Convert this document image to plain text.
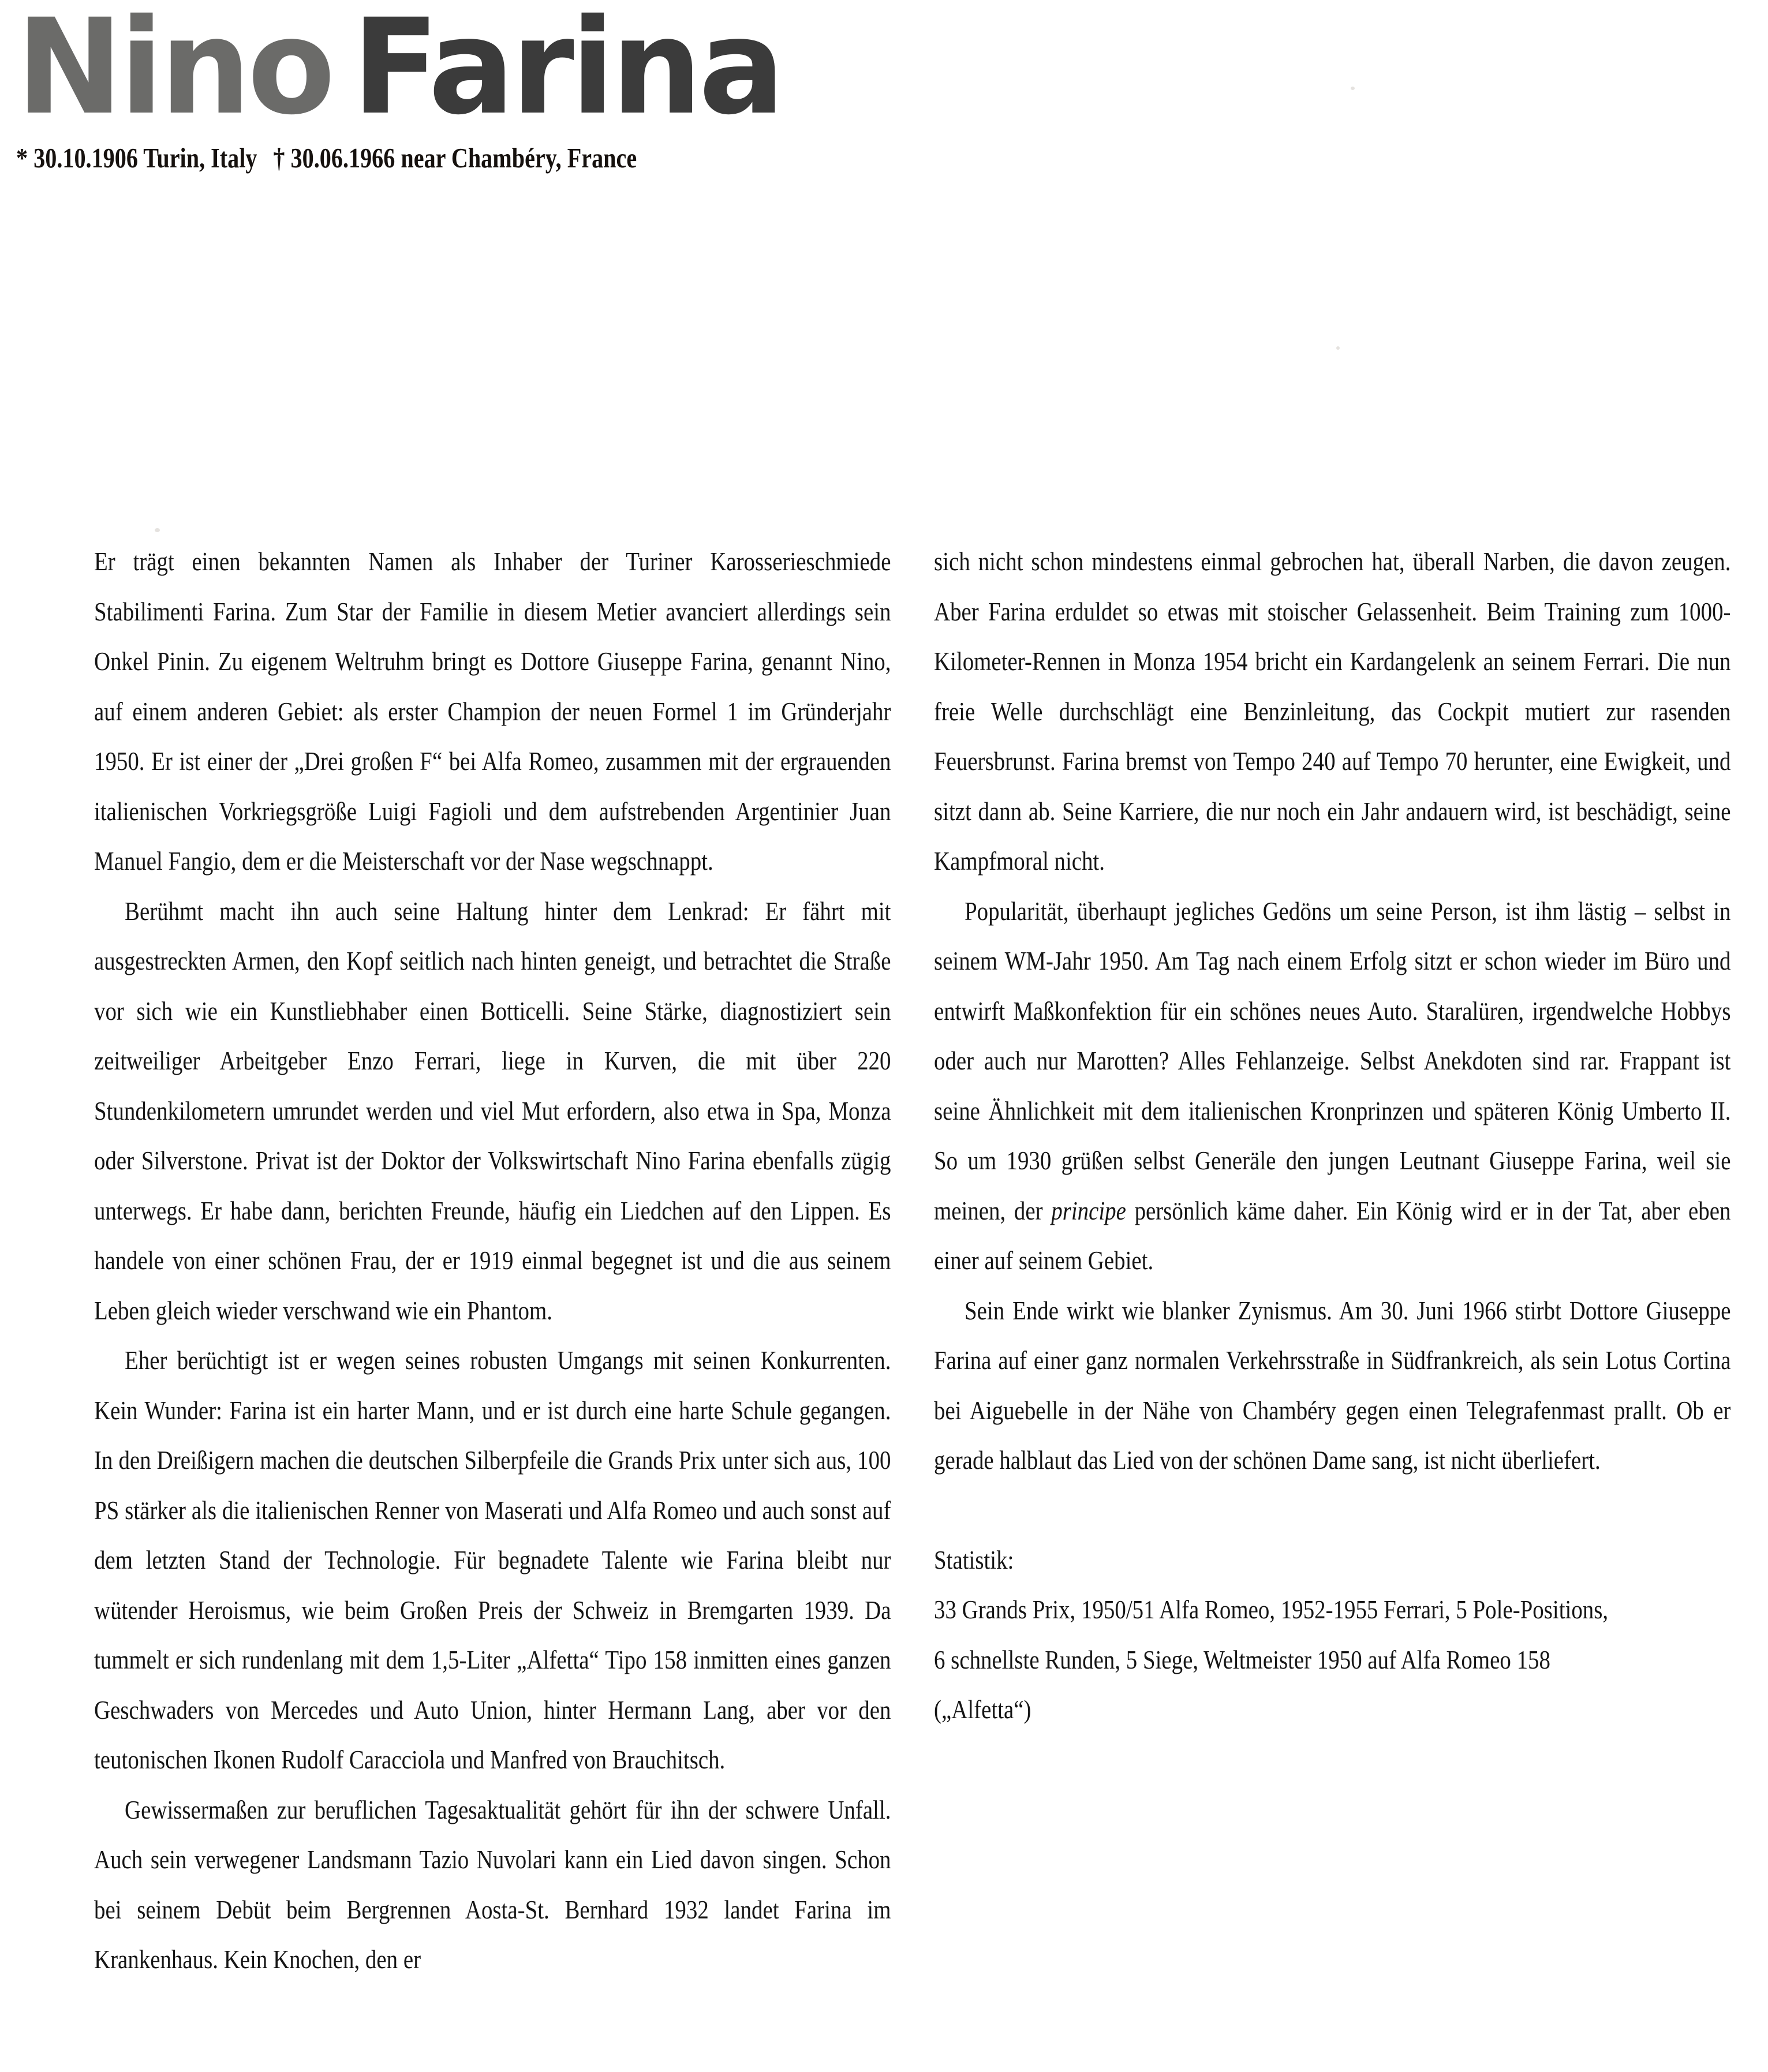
Nino Farina
* 30.10.1906 Turin, Italy † 30.06.1966 near Chambéry, France

Er trägt einen bekannten Namen als Inhaber der Turiner Karosserieschmiede Stabilimenti Farina. Zum Star der Familie in diesem Metier avanciert allerdings sein Onkel Pinin. Zu eigenem Weltruhm bringt es Dottore Giuseppe Farina, genannt Nino, auf einem anderen Gebiet: als erster Champion der neuen Formel 1 im Gründerjahr 1950. Er ist einer der „Drei großen F“ bei Alfa Romeo, zusammen mit der ergrauenden italienischen Vorkriegsgröße Luigi Fagioli und dem aufstrebenden Argentinier Juan Manuel Fangio, dem er die Meisterschaft vor der Nase wegschnappt.

Berühmt macht ihn auch seine Haltung hinter dem Lenkrad: Er fährt mit ausgestreckten Armen, den Kopf seitlich nach hinten geneigt, und betrachtet die Straße vor sich wie ein Kunstliebhaber einen Botticelli. Seine Stärke, diagnostiziert sein zeitweiliger Arbeitgeber Enzo Ferrari, liege in Kurven, die mit über 220 Stundenkilometern umrundet werden und viel Mut erfordern, also etwa in Spa, Monza oder Silverstone. Privat ist der Doktor der Volkswirtschaft Nino Farina ebenfalls zügig unterwegs. Er habe dann, berichten Freunde, häufig ein Liedchen auf den Lippen. Es handele von einer schönen Frau, der er 1919 einmal begegnet ist und die aus seinem Leben gleich wieder verschwand wie ein Phantom.

Eher berüchtigt ist er wegen seines robusten Umgangs mit seinen Konkurrenten. Kein Wunder: Farina ist ein harter Mann, und er ist durch eine harte Schule gegangen. In den Dreißigern machen die deutschen Silberpfeile die Grands Prix unter sich aus, 100 PS stärker als die italienischen Renner von Maserati und Alfa Romeo und auch sonst auf dem letzten Stand der Technologie. Für begnadete Talente wie Farina bleibt nur wütender Heroismus, wie beim Großen Preis der Schweiz in Bremgarten 1939. Da tummelt er sich rundenlang mit dem 1,5-Liter „Alfetta“ Tipo 158 inmitten eines ganzen Geschwaders von Mercedes und Auto Union, hinter Hermann Lang, aber vor den teutonischen Ikonen Rudolf Caracciola und Manfred von Brauchitsch.

Gewissermaßen zur beruflichen Tagesaktualität gehört für ihn der schwere Unfall. Auch sein verwegener Landsmann Tazio Nuvolari kann ein Lied davon singen. Schon bei seinem Debüt beim Bergrennen Aosta-St. Bernhard 1932 landet Farina im Krankenhaus. Kein Knochen, den er

sich nicht schon mindestens einmal gebrochen hat, überall Narben, die davon zeugen. Aber Farina erduldet so etwas mit stoischer Gelassenheit. Beim Training zum 1000-Kilometer-Rennen in Monza 1954 bricht ein Kardangelenk an seinem Ferrari. Die nun freie Welle durchschlägt eine Benzinleitung, das Cockpit mutiert zur rasenden Feuersbrunst. Farina bremst von Tempo 240 auf Tempo 70 herunter, eine Ewigkeit, und sitzt dann ab. Seine Karriere, die nur noch ein Jahr andauern wird, ist beschädigt, seine Kampfmoral nicht.

Popularität, überhaupt jegliches Gedöns um seine Person, ist ihm lästig – selbst in seinem WM-Jahr 1950. Am Tag nach einem Erfolg sitzt er schon wieder im Büro und entwirft Maßkonfektion für ein schönes neues Auto. Staralüren, irgendwelche Hobbys oder auch nur Marotten? Alles Fehlanzeige. Selbst Anekdoten sind rar. Frappant ist seine Ähnlichkeit mit dem italienischen Kronprinzen und späteren König Umberto II. So um 1930 grüßen selbst Generäle den jungen Leutnant Giuseppe Farina, weil sie meinen, der principe persönlich käme daher. Ein König wird er in der Tat, aber eben einer auf seinem Gebiet.

Sein Ende wirkt wie blanker Zynismus. Am 30. Juni 1966 stirbt Dottore Giuseppe Farina auf einer ganz normalen Verkehrsstraße in Südfrankreich, als sein Lotus Cortina bei Aiguebelle in der Nähe von Chambéry gegen einen Telegrafenmast prallt. Ob er gerade halblaut das Lied von der schönen Dame sang, ist nicht überliefert.

Statistik:

33 Grands Prix, 1950/51 Alfa Romeo, 1952-1955 Ferrari, 5 Pole-Positions,

6 schnellste Runden, 5 Siege, Weltmeister 1950 auf Alfa Romeo 158

(„Alfetta“)
